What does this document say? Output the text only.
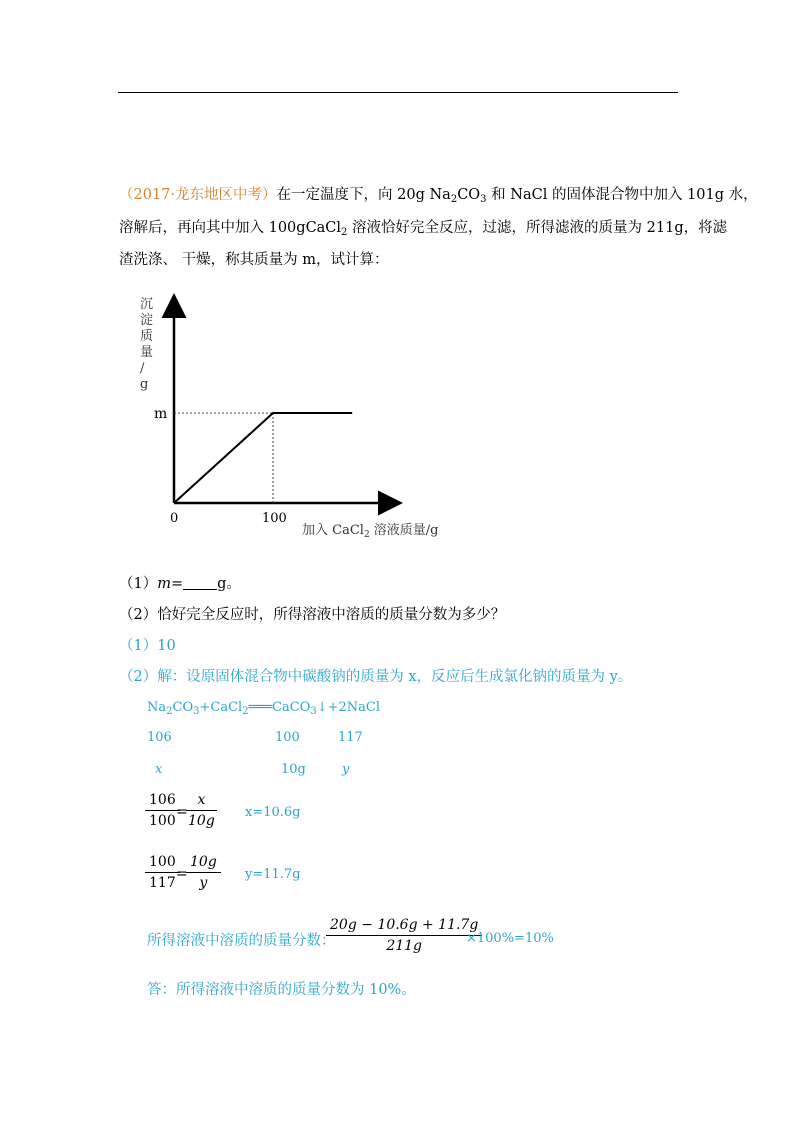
（2017·龙东地区中考）在一定温度下，向 20g $Na_2CO_3$ 和 NaCl 的固体混合物中加入 101g 水，
溶解后，再向其中加入 100gCaCl$_2$ 溶液恰好完全反应，过滤，所得滤液的质量为 211g，将滤
渣洗涤、 干燥，称其质量为 m，试计算：
m
0	100
沉
淀
质
量
/
g
加入 CaCl$_2$ 溶液质量/g
（1）m= g。
（2）恰好完全反应时，所得溶液中溶质的质量分数为多少？
（1）10
（2）解：设原固体混合物中碳酸钠的质量为 x，反应后生成氯化钠的质量为 y。
$Na_2CO_3+CaCl_2═══CaCO_3↓+2NaCl$
106	100	117
x	10g	y
$\frac{106}{100}$
= $\frac{x}{10g} x=10.6g$
$\frac{100}{117}$
= $\frac{10g}{y} y=11.7g$
所得溶液中溶质的质量分数：
$\frac{20g - 10.6g + 11.7g}{211g}$
×100%=10%
答：所得溶液中溶质的质量分数为 10%。
